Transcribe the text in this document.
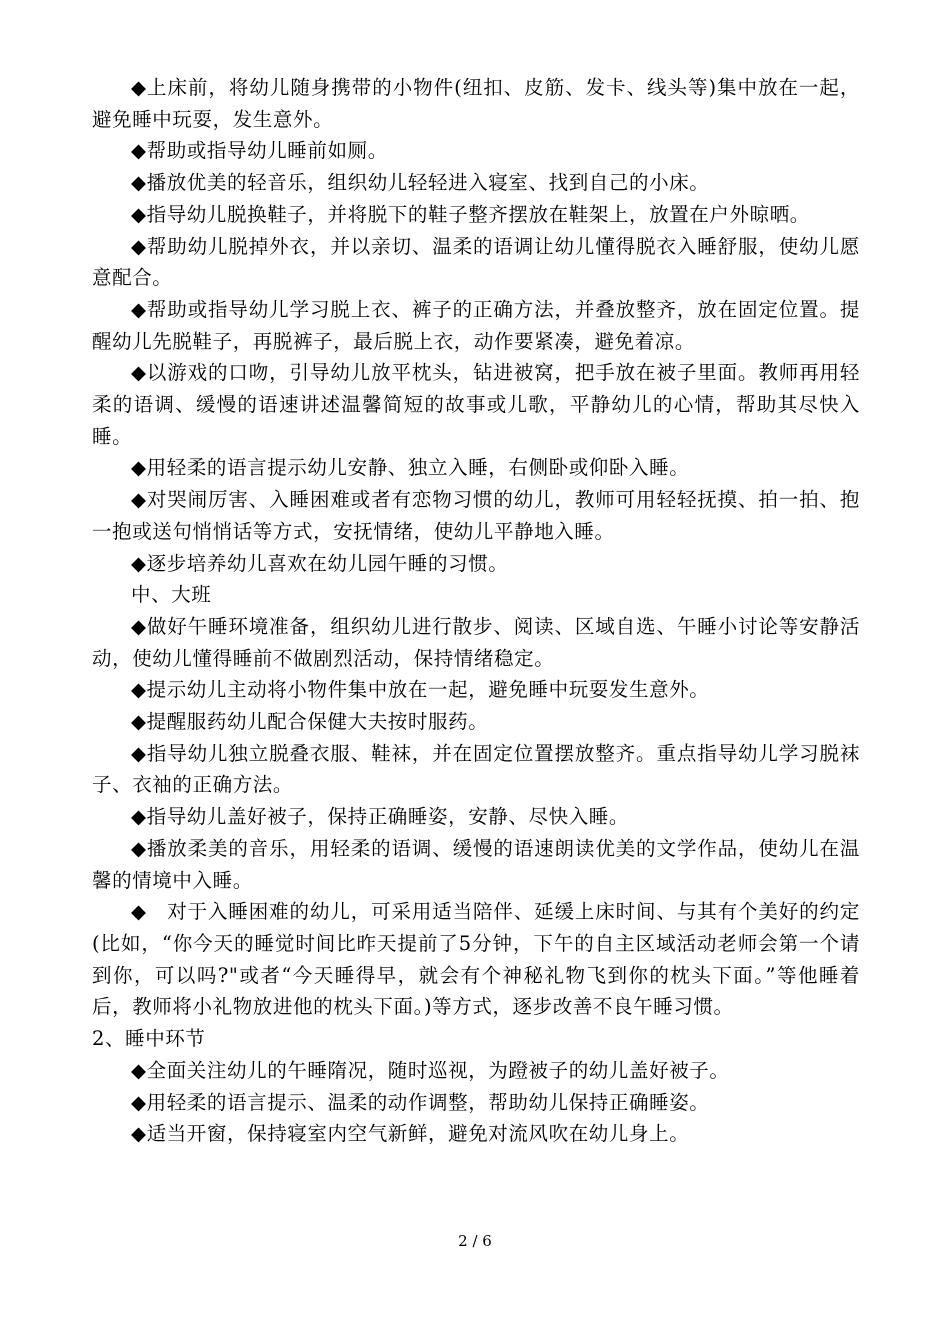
◆上床前，将幼儿随身携带的小物件(纽扣、皮筋、发卡、线头等)集中放在一起，避免睡中玩耍，发生意外。

◆帮助或指导幼儿睡前如厕。

◆播放优美的轻音乐，组织幼儿轻轻进入寝室、找到自己的小床。

◆指导幼儿脱换鞋子，并将脱下的鞋子整齐摆放在鞋架上，放置在户外晾晒。

◆帮助幼儿脱掉外衣，并以亲切、温柔的语调让幼儿懂得脱衣入睡舒服，使幼儿愿意配合。

◆帮助或指导幼儿学习脱上衣、裤子的正确方法，并叠放整齐，放在固定位置。提醒幼儿先脱鞋子，再脱裤子，最后脱上衣，动作要紧凑，避免着凉。

◆以游戏的口吻，引导幼儿放平枕头，钻进被窝，把手放在被子里面。教师再用轻柔的语调、缓慢的语速讲述温馨简短的故事或儿歌，平静幼儿的心情，帮助其尽快入睡。

◆用轻柔的语言提示幼儿安静、独立入睡，右侧卧或仰卧入睡。

◆对哭闹厉害、入睡困难或者有恋物习惯的幼儿，教师可用轻轻抚摸、拍一拍、抱一抱或送句悄悄话等方式，安抚情绪，使幼儿平静地入睡。

◆逐步培养幼儿喜欢在幼儿园午睡的习惯。

中、大班

◆做好午睡环境准备，组织幼儿进行散步、阅读、区域自选、午睡小讨论等安静活动，使幼儿懂得睡前不做剧烈活动，保持情绪稳定。

◆提示幼儿主动将小物件集中放在一起，避免睡中玩耍发生意外。

◆提醒服药幼儿配合保健大夫按时服药。

◆指导幼儿独立脱叠衣服、鞋袜，并在固定位置摆放整齐。重点指导幼儿学习脱袜子、衣袖的正确方法。

◆指导幼儿盖好被子，保持正确睡姿，安静、尽快入睡。

◆播放柔美的音乐，用轻柔的语调、缓慢的语速朗读优美的文学作品，使幼儿在温馨的情境中入睡。

◆　对于入睡困难的幼儿，可采用适当陪伴、延缓上床时间、与其有个美好的约定(比如，“你今天的睡觉时间比昨天提前了5分钟，下午的自主区域活动老师会第一个请到你，可以吗?"或者“今天睡得早，就会有个神秘礼物飞到你的枕头下面。”等他睡着后，教师将小礼物放进他的枕头下面。)等方式，逐步改善不良午睡习惯。

2、睡中环节

◆全面关注幼儿的午睡隋况，随时巡视，为蹬被子的幼儿盖好被子。

◆用轻柔的语言提示、温柔的动作调整，帮助幼儿保持正确睡姿。

◆适当开窗，保持寝室内空气新鲜，避免对流风吹在幼儿身上。

2 / 6
